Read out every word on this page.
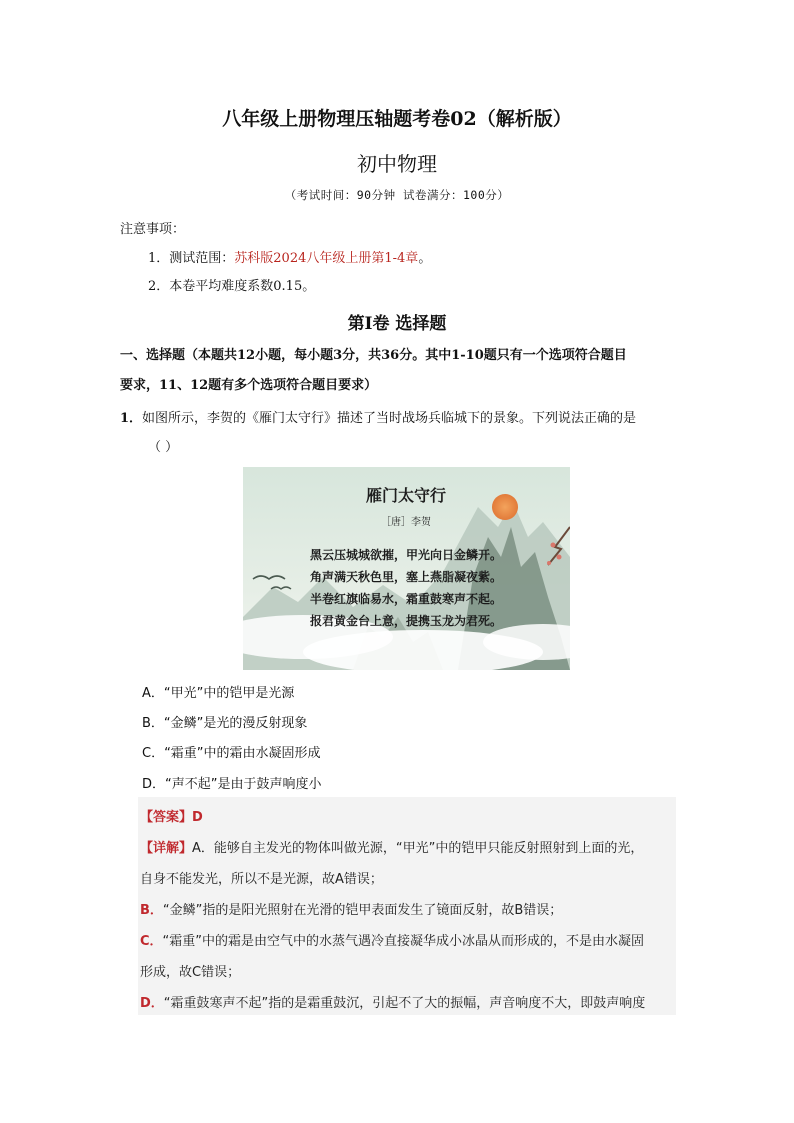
八年级上册物理压轴题考卷02（解析版）
初中物理
（考试时间：90分钟 试卷满分：100分）
注意事项：
1．测试范围：苏科版2024八年级上册第1-4章。
2．本卷平均难度系数0.15。
第Ⅰ卷 选择题
一、选择题（本题共12小题，每小题3分，共36分。其中1-10题只有一个选项符合题目
要求，11、12题有多个选项符合题目要求）
1．如图所示，李贺的《雁门太守行》描述了当时战场兵临城下的景象。下列说法正确的是
（ ）
雁门太守行
［唐］李贺
黑云压城城欲摧，甲光向日金鳞开。
角声满天秋色里，塞上燕脂凝夜紫。
半卷红旗临易水，霜重鼓寒声不起。
报君黄金台上意，提携玉龙为君死。
A．“甲光”中的铠甲是光源
B．“金鳞”是光的漫反射现象
C．“霜重”中的霜由水凝固形成
D．“声不起”是由于鼓声响度小
【答案】D
【详解】A．能够自主发光的物体叫做光源，“甲光”中的铠甲只能反射照射到上面的光，
自身不能发光，所以不是光源，故A错误；
B．“金鳞”指的是阳光照射在光滑的铠甲表面发生了镜面反射，故B错误；
C．“霜重”中的霜是由空气中的水蒸气遇冷直接凝华成小冰晶从而形成的，不是由水凝固
形成，故C错误；
D．“霜重鼓寒声不起”指的是霜重鼓沉，引起不了大的振幅，声音响度不大，即鼓声响度
